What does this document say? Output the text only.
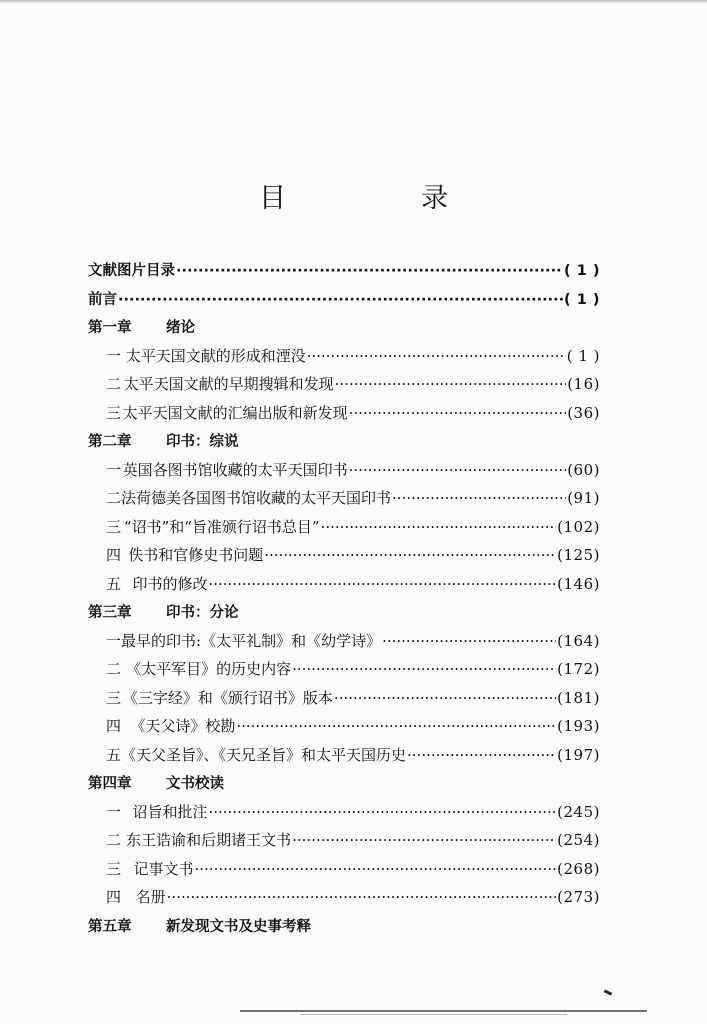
目　录
文献图片目录 ·····	( 1 )
前言 ·····	( 1 )
第一章	绪论
一 太平天国文献的形成和湮没 ·····	( 1 )
二 太平天国文献的早期搜辑和发现 ·····	(16)
三 太平天国文献的汇编出版和新发现 ·····	(36)
第二章	印书：综说
一 英国各图书馆收藏的太平天国印书 ·····	(60)
二 法荷德美各国图书馆收藏的太平天国印书 ·····	(91)
三 “诏书”和“旨准颁行诏书总目” ·····	(102)
四 佚书和官修史书问题 ·····	(125)
五 印书的修改 ·····	(146)
第三章	印书：分论
一 最早的印书:《太平礼制》和《幼学诗》 ·····	(164)
二 《太平军目》的历史内容 ·····	(172)
三 《三字经》和《颁行诏书》版本 ·····	(181)
四 《天父诗》校勘 ·····	(193)
五 《天父圣旨》、《天兄圣旨》和太平天国历史 ·····	(197)
第四章	文书校读
一 诏旨和批注 ·····	(245)
二 东王诰谕和后期诸王文书 ·····	(254)
三 记事文书 ·····	(268)
四 名册 ·····	(273)
第五章	新发现文书及史事考释
